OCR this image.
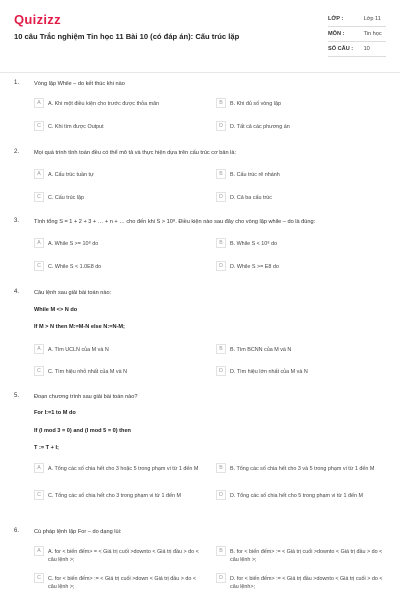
Quizizz
10 câu Trắc nghiệm Tin học 11 Bài 10 (có đáp án): Cấu trúc lặp
LỚP :	Lớp 11
MÔN :	Tin học
SỐ CÂU : 10
1.	Vòng lặp While – do kết thúc khi nào
A	A. Khi một điều kiện cho trước được thỏa mãn	B	B. Khi đủ số vòng lặp
C	C. Khi tìm được Output	D	D. Tất cả các phương án
2.	Mọi quá trình tính toán đều có thể mô tả và thực hiện dựa trên cấu trúc cơ bản là:
A	A. Cấu trúc tuần tự	B	B. Cấu trúc rẽ nhánh
C	C. Cấu trúc lặp	D	D. Cả ba cấu trúc
3.	Tính tổng S = 1 + 2 + 3 + … + n + … cho đến khi S > 10⁸. Điều kiện nào sau đây cho vòng lặp while – do là đúng:
A	A. While S >= 10⁸ do	B	B. While S < 10⁸ do
C	C. While S < 1.0E8 do	D	D. While S >= E8 do
4.	Câu lệnh sau giải bài toán nào:
While M <> N do
If M > N then M:=M-N else N:=N-M;
A	A. Tìm UCLN của M và N	B	B. Tìm BCNN của M và N
C	C. Tìm hiệu nhỏ nhất của M và N	D	D. Tìm hiệu lớn nhất của M và N
5.	Đoạn chương trình sau giải bài toán nào?
For I:=1 to M do
If (I mod 3 = 0) and (I mod 5 = 0) then
T := T + I;
A	A. Tổng các số chia hết cho 3 hoặc 5 trong phạm vi từ 1 đến M	B	B. Tổng các số chia hết cho 3 và 5 trong phạm vi từ 1 đến M
C	C. Tổng các số chia hết cho 3 trong phạm vi từ 1 đến M	D	D. Tổng các số chia hết cho 5 trong phạm vi từ 1 đến M
6.	Cú pháp lệnh lặp For – do dạng lùi:
A	A. for < biến đếm> = < Giá trị cuối >downto < Giá trị đầu > do < câu lệnh >;
B	B. for < biến đếm> := < Giá trị cuối >downto < Giá trị đầu > do < câu lệnh >;
C	C. for < biến đếm> := < Giá trị cuối >down < Giá trị đầu > do < câu lệnh >;
D	D. for < biến đếm> := < Giá trị đầu >downto < Giá trị cuối > do < câu lệnh>;
